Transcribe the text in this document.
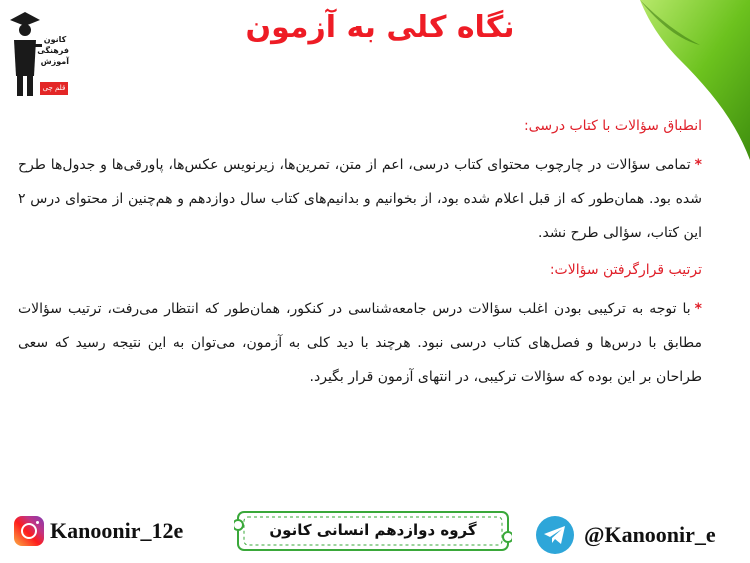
کانون
فرهنگی
آموزش
قلم چی
نگاه کلی به آزمون
انطباق سؤالات با کتاب درسی:

*تمامی سؤالات در چارچوب محتوای کتاب درسی، اعم از متن، تمرین‌ها، زیرنویس عکس‌ها، پاورقی‌ها و جدول‌ها طرح شده بود. همان‌طور که از قبل اعلام شده بود، از بخوانیم و بدانیم‌های کتاب سال دوازدهم و هم‌چنین از محتوای درس ۲ این کتاب، سؤالی طرح نشد.

ترتیب قرارگرفتن سؤالات:

*با توجه به ترکیبی بودن اغلب سؤالات درس جامعه‌شناسی در کنکور، همان‌طور که انتظار می‌رفت، ترتیب سؤالات مطابق با درس‌ها و فصل‌های کتاب درسی نبود. هرچند با دید کلی به آزمون، می‌توان به این نتیجه رسید که سعی طراحان بر این بوده که سؤالات ترکیبی، در انتهای آزمون قرار بگیرد.

Kanoonir_12e	گروه دوازدهم انسانی کانون	@Kanoonir_e
